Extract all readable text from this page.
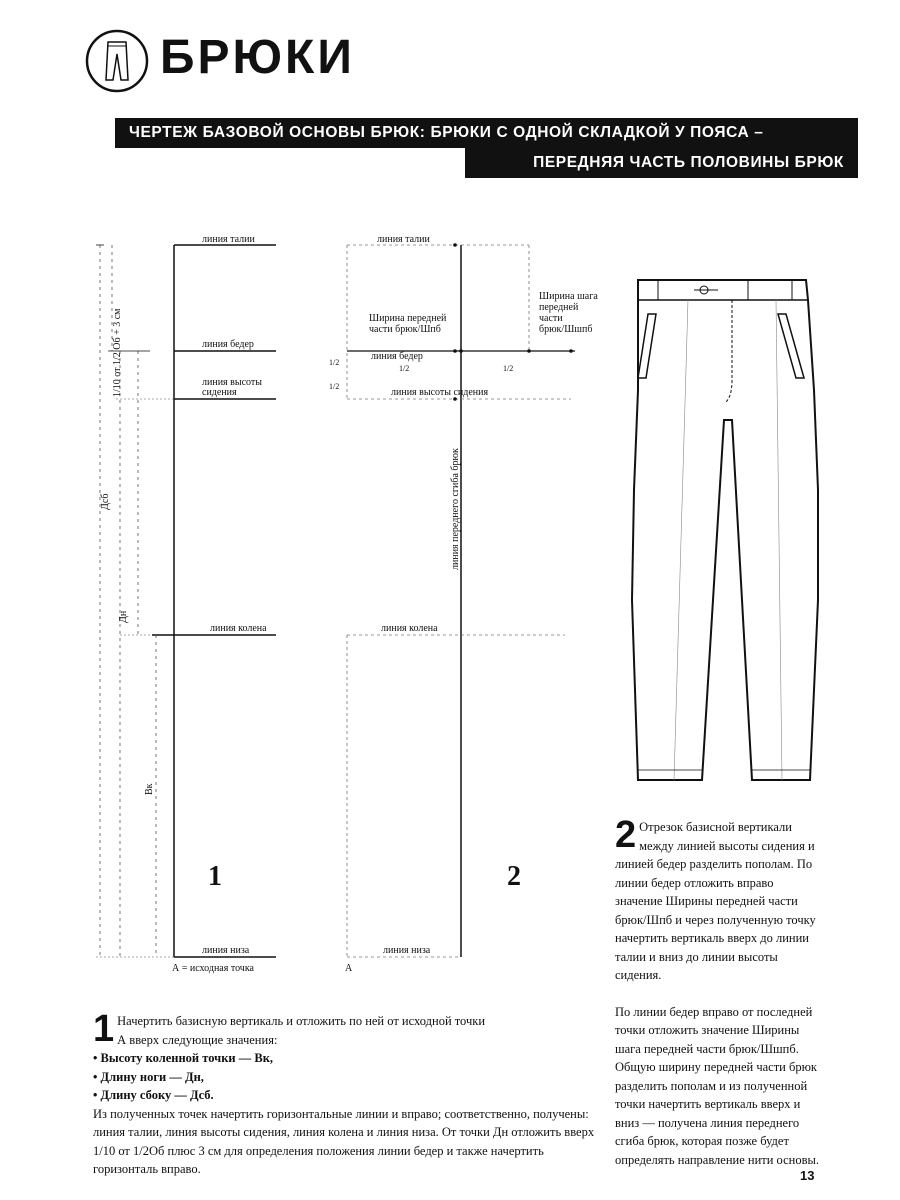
БРЮКИ
ЧЕРТЕЖ БАЗОВОЙ ОСНОВЫ БРЮК: БРЮКИ С ОДНОЙ СКЛАДКОЙ У ПОЯСА –
ПЕРЕДНЯЯ ЧАСТЬ ПОЛОВИНЫ БРЮК
линия талии
линия бедер
линия высоты
сидения
линия колена
линия низа
А = исходная точка
1/10 от 1/2 Об + 3 см
Дсб
Дн
Вк
1
линия талии
линия бедер
линия высоты сидения
линия колена
линия низа
А
Ширина передней
части брюк/Шпб
Ширина шага
передней
части
брюк/Шшпб
1/2	1/2
1/2
1/2
линия переднего сгиба брюк
2

2 Отрезок базисной вертикали между линией высоты сидения и линией бедер разделить пополам. По линии бедер отложить вправо значение Ширины передней части брюк/Шпб и через полученную точку начертить вертикаль вверх до линии талии и вниз до линии высоты сидения.

По линии бедер вправо от последней точки отложить значение Ширины шага передней части брюк/Шшпб. Общую ширину передней части брюк разделить пополам и из полученной точки начертить вертикаль вверх и вниз — получена линия переднего сгиба брюк, которая позже будет определять направление нити основы.

1 Начертить базисную вертикаль и отложить по ней от исходной точки А вверх следующие значения:

• Высоту коленной точки — Вк,
• Длину ноги — Дн,
• Длину сбоку — Дсб.

Из полученных точек начертить горизонтальные линии и вправо; соответственно, получены: линия талии, линия высоты сидения, линия колена и линия низа. От точки Дн отложить вверх 1/10 от 1/2Об плюс 3 см для определения положения линии бедер и также начертить горизонталь вправо.	13
